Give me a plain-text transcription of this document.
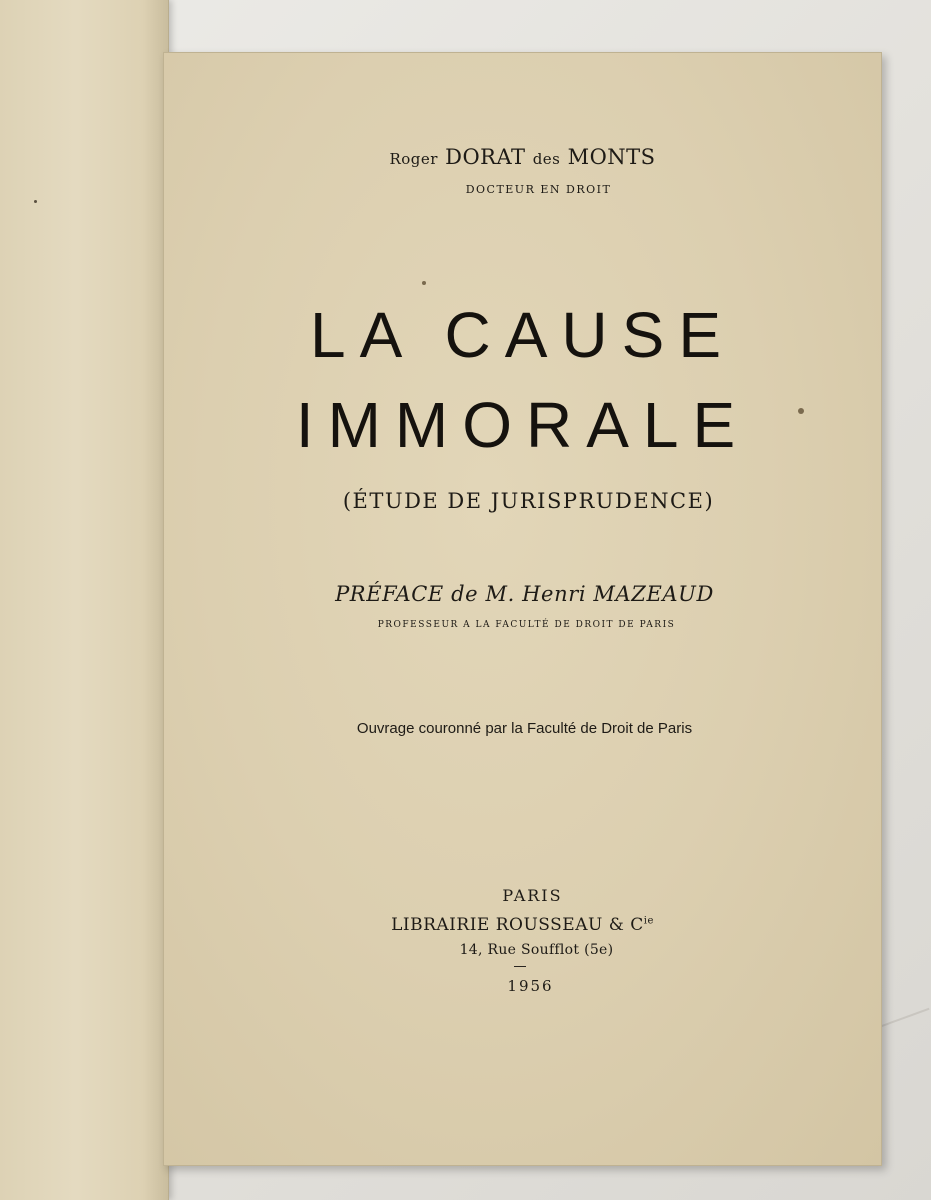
Roger DORAT des MONTS
DOCTEUR EN DROIT
LA CAUSE
IMMORALE
(ÉTUDE DE JURISPRUDENCE)
PRÉFACE de M. Henri MAZEAUD
PROFESSEUR A LA FACULTÉ DE DROIT DE PARIS
Ouvrage couronné par la Faculté de Droit de Paris
PARIS
LIBRAIRIE ROUSSEAU & $C^{ie}$
14, Rue Soufflot (5e)
1956
